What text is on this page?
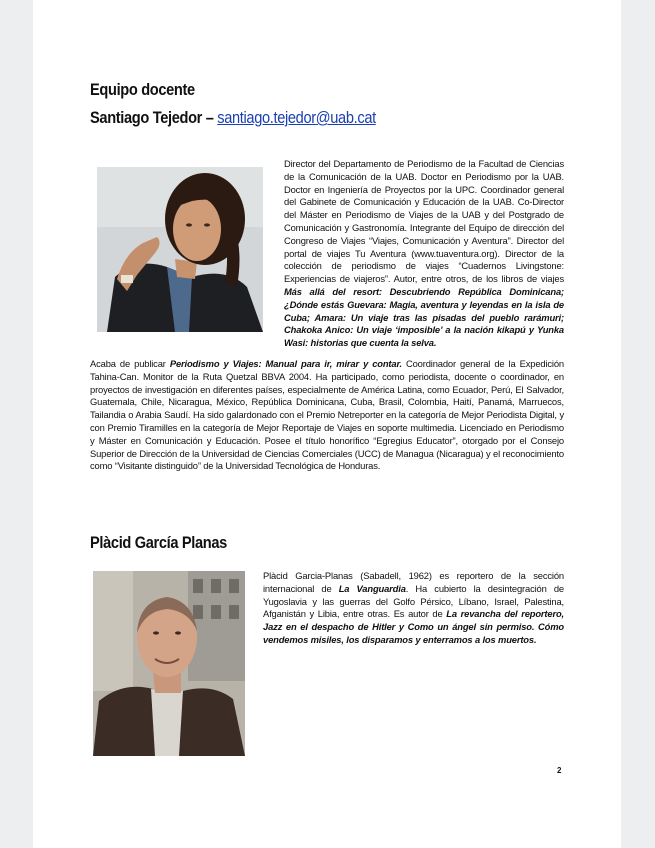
Equipo docente
Santiago Tejedor – santiago.tejedor@uab.cat
Director del Departamento de Periodismo de la Facultad de Ciencias de la Comunicación de la UAB. Doctor en Periodismo por la UAB. Doctor en Ingeniería de Proyectos por la UPC. Coordinador general del Gabinete de Comunicación y Educación de la UAB. Co-Director del Máster en Periodismo de Viajes de la UAB y del Postgrado de Comunicación y Gastronomía. Integrante del Equipo de dirección del Congreso de Viajes “Viajes, Comunicación y Aventura”. Director del portal de viajes Tu Aventura (www.tuaventura.org). Director de la colección de periodismo de viajes “Cuadernos Livingstone: Experiencias de viajeros”. Autor, entre otros, de los libros de viajes Más allá del resort: Descubriendo República Dominicana; ¿Dónde estás Guevara: Magia, aventura y leyendas en la isla de Cuba; Amara: Un viaje tras las pisadas del pueblo rarámuri; Chakoka Anico: Un viaje ‘imposible’ a la nación kikapú y Yunka Wasi: historias que cuenta la selva.
Acaba de publicar Periodismo y Viajes: Manual para ir, mirar y contar. Coordinador general de la Expedición Tahina-Can. Monitor de la Ruta Quetzal BBVA 2004. Ha participado, como periodista, docente o coordinador, en proyectos de investigación en diferentes países, especialmente de América Latina, como Ecuador, Perú, El Salvador, Guatemala, Chile, Nicaragua, México, República Dominicana, Cuba, Brasil, Colombia, Haití, Panamá, Marruecos, Tailandia o Arabia Saudí. Ha sido galardonado con el Premio Netreporter en la categoría de Mejor Periodista Digital, y con Premio Tiramilles en la categoría de Mejor Reportaje de Viajes en soporte multimedia. Licenciado en Periodismo y Máster en Comunicación y Educación. Posee el título honorífico “Egregius Educator”, otorgado por el Consejo Superior de Dirección de la Universidad de Ciencias Comerciales (UCC) de Managua (Nicaragua) y el reconocimiento como “Visitante distinguido” de la Universidad Tecnológica de Honduras.
Plàcid García Planas
Plàcid Garcia-Planas (Sabadell, 1962) es reportero de la sección internacional de La Vanguardia. Ha cubierto la desintegración de Yugoslavia y las guerras del Golfo Pérsico, Líbano, Israel, Palestina, Afganistán y Libia, entre otras. Es autor de La revancha del reportero, Jazz en el despacho de Hitler y Como un ángel sin permiso. Cómo vendemos misiles, los disparamos y enterramos a los muertos.
2
